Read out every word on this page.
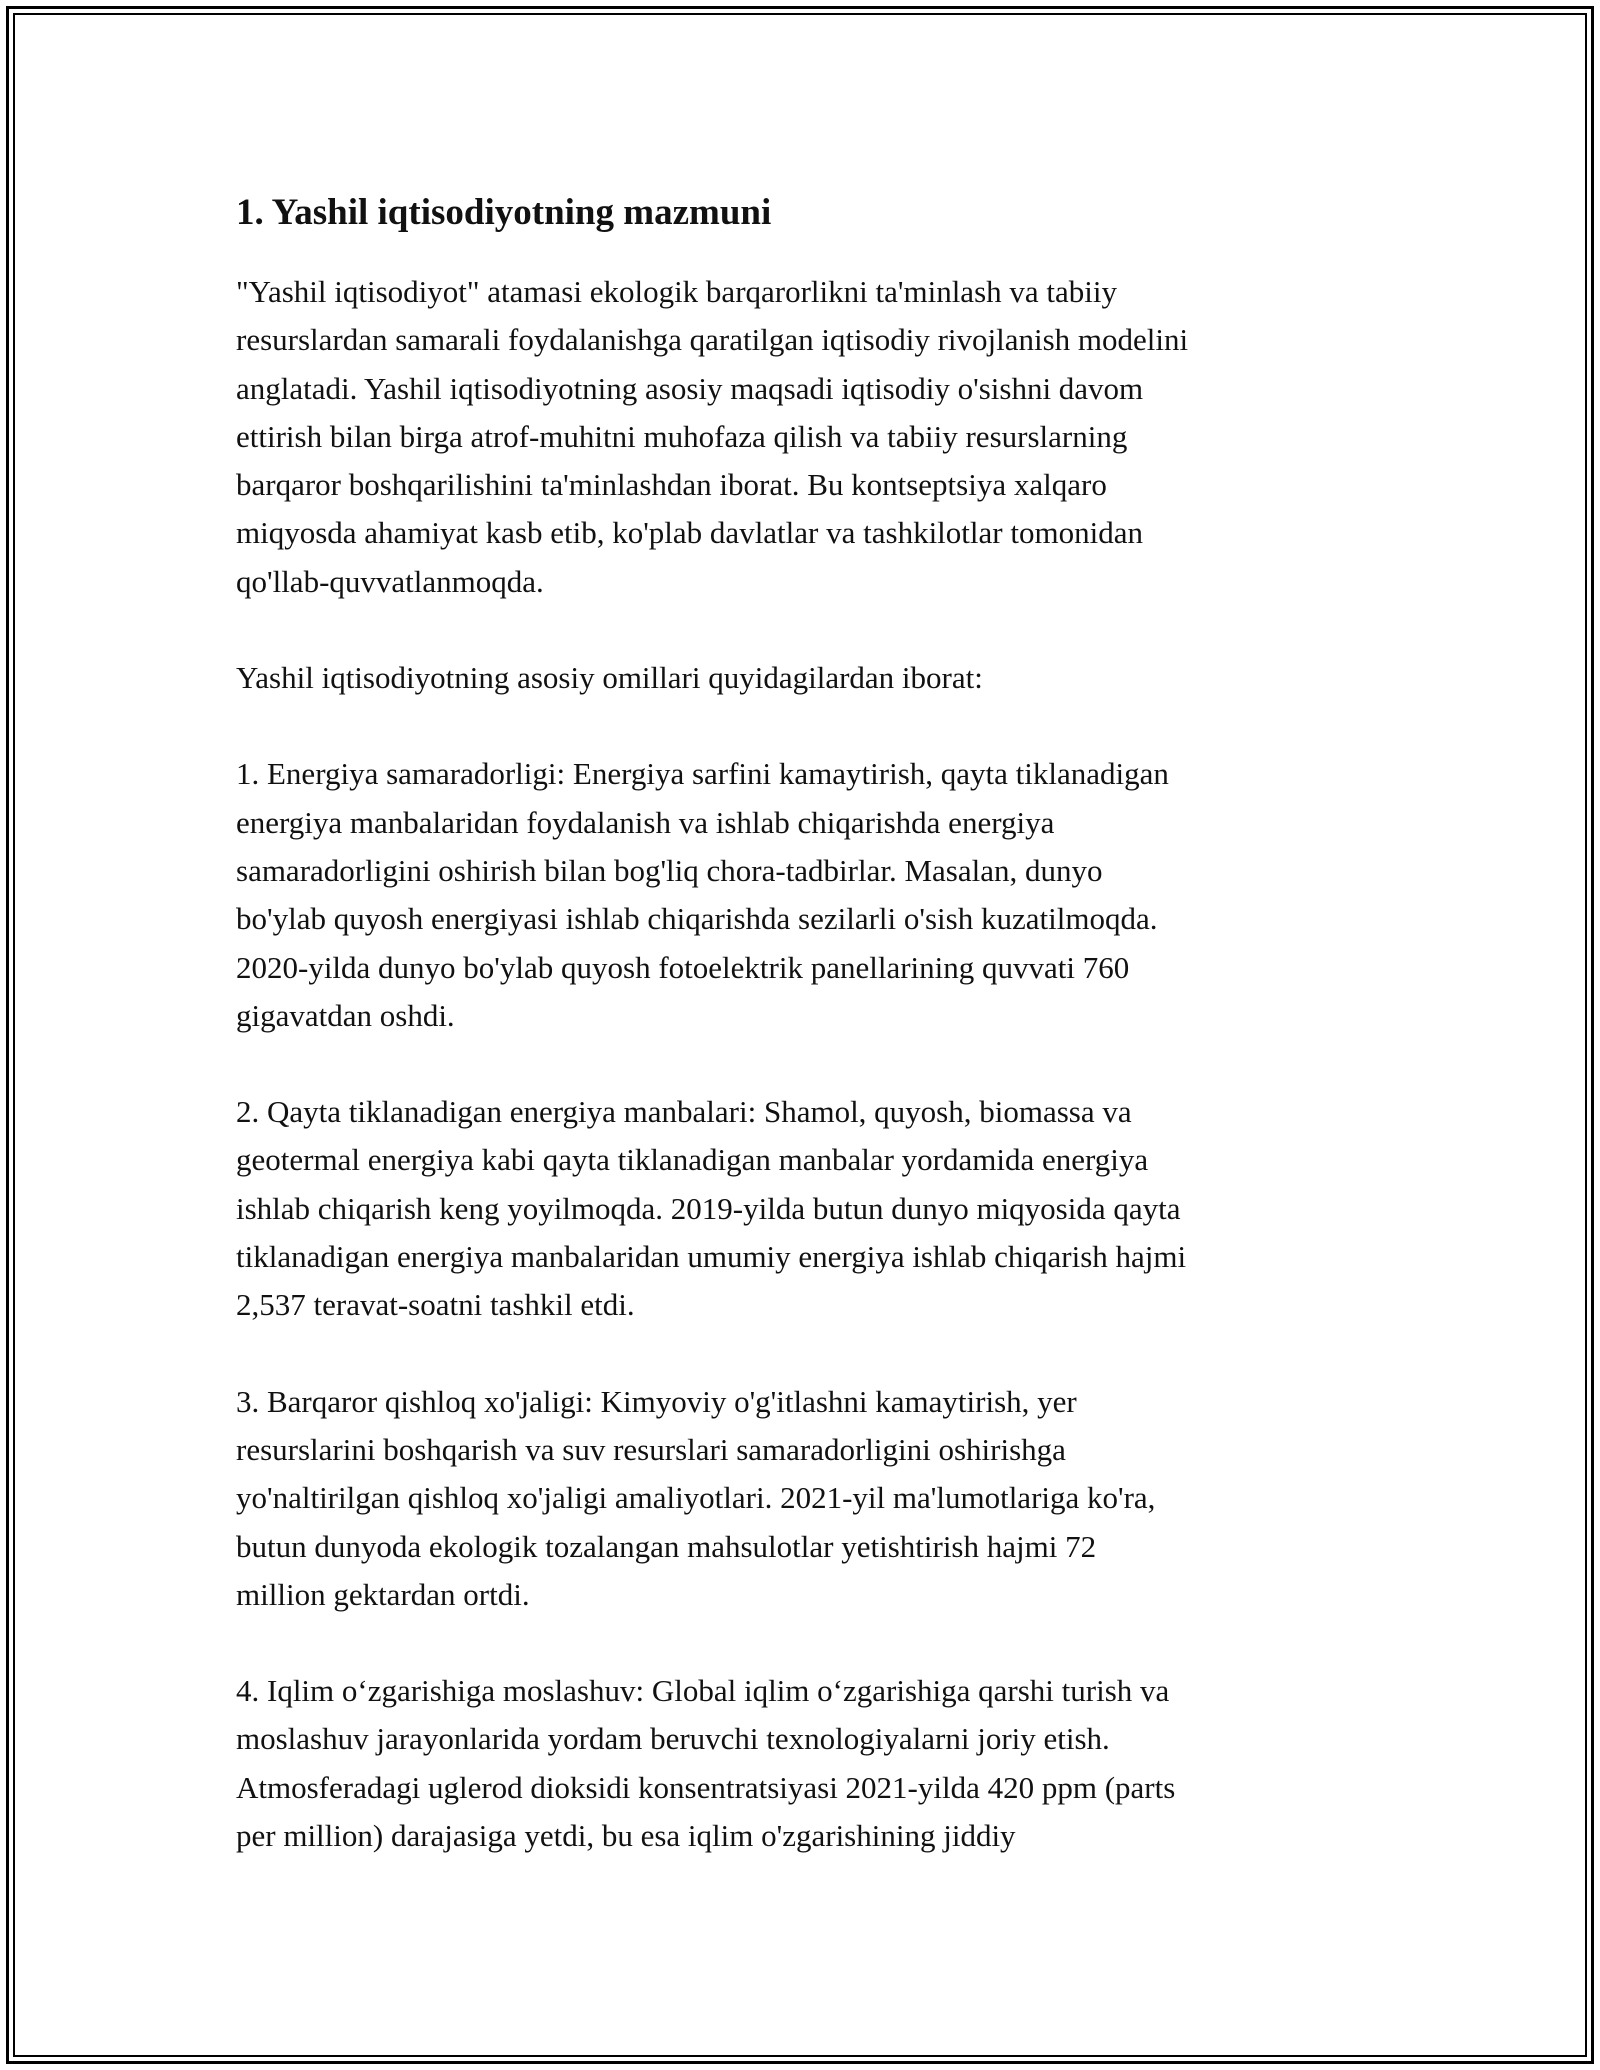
1. Yashil iqtisodiyotning mazmuni

"Yashil iqtisodiyot" atamasi ekologik barqarorlikni ta'minlash va tabiiy
resurslardan samarali foydalanishga qaratilgan iqtisodiy rivojlanish modelini
anglatadi. Yashil iqtisodiyotning asosiy maqsadi iqtisodiy o'sishni davom
ettirish bilan birga atrof-muhitni muhofaza qilish va tabiiy resurslarning
barqaror boshqarilishini ta'minlashdan iborat. Bu kontseptsiya xalqaro
miqyosda ahamiyat kasb etib, ko'plab davlatlar va tashkilotlar tomonidan
qo'llab-quvvatlanmoqda.

Yashil iqtisodiyotning asosiy omillari quyidagilardan iborat:

1. Energiya samaradorligi: Energiya sarfini kamaytirish, qayta tiklanadigan
energiya manbalaridan foydalanish va ishlab chiqarishda energiya
samaradorligini oshirish bilan bog'liq chora-tadbirlar. Masalan, dunyo
bo'ylab quyosh energiyasi ishlab chiqarishda sezilarli o'sish kuzatilmoqda.
2020-yilda dunyo bo'ylab quyosh fotoelektrik panellarining quvvati 760
gigavatdan oshdi.

2. Qayta tiklanadigan energiya manbalari: Shamol, quyosh, biomassa va
geotermal energiya kabi qayta tiklanadigan manbalar yordamida energiya
ishlab chiqarish keng yoyilmoqda. 2019-yilda butun dunyo miqyosida qayta
tiklanadigan energiya manbalaridan umumiy energiya ishlab chiqarish hajmi
2,537 teravat-soatni tashkil etdi.

3. Barqaror qishloq xo'jaligi: Kimyoviy o'g'itlashni kamaytirish, yer
resurslarini boshqarish va suv resurslari samaradorligini oshirishga
yo'naltirilgan qishloq xo'jaligi amaliyotlari. 2021-yil ma'lumotlariga ko'ra,
butun dunyoda ekologik tozalangan mahsulotlar yetishtirish hajmi 72
million gektardan ortdi.

4. Iqlim o‘zgarishiga moslashuv: Global iqlim o‘zgarishiga qarshi turish va
moslashuv jarayonlarida yordam beruvchi texnologiyalarni joriy etish.
Atmosferadagi uglerod dioksidi konsentratsiyasi 2021-yilda 420 ppm (parts
per million) darajasiga yetdi, bu esa iqlim o'zgarishining jiddiy
